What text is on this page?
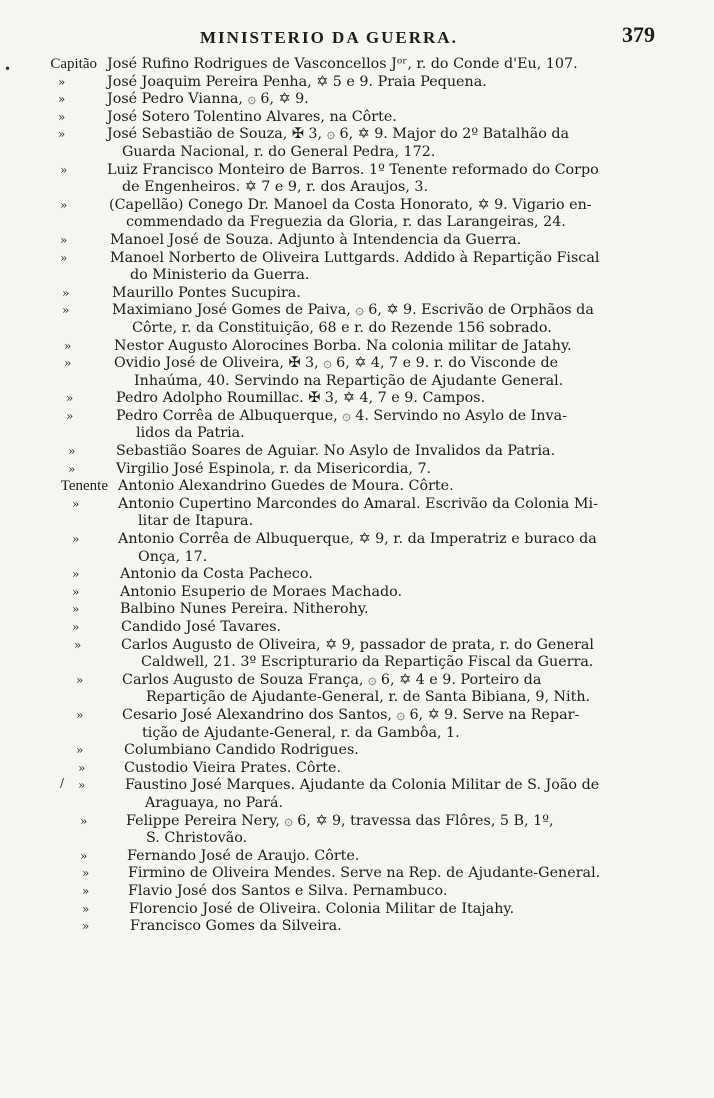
MINISTERIO DA GUERRA.	379
•
/
Capitão José Rufino Rodrigues de Vasconcellos Jᵒʳ, r. do Conde d'Eu, 107.
»	José Joaquim Pereira Penha, ✡ 5 e 9. Praia Pequena.
»	José Pedro Vianna, ۞ 6, ✡ 9.
»	José Sotero Tolentino Alvares, na Côrte.
»	José Sebastião de Souza, ✠ 3, ۞ 6, ✡ 9. Major do 2º Batalhão da
Guarda Nacional, r. do General Pedra, 172.
»	Luiz Francisco Monteiro de Barros. 1º Tenente reformado do Corpo
de Engenheiros. ✡ 7 e 9, r. dos Araujos, 3.
»	(Capellão) Conego Dr. Manoel da Costa Honorato, ✡ 9. Vigario en-
commendado da Freguezia da Gloria, r. das Larangeiras, 24.
»	Manoel José de Souza. Adjunto à Intendencia da Guerra.
»	Manoel Norberto de Oliveira Luttgards. Addido à Repartição Fiscal
do Ministerio da Guerra.
»	Maurillo Pontes Sucupira.
»	Maximiano José Gomes de Paiva, ۞ 6, ✡ 9. Escrivão de Orphãos da
Côrte, r. da Constituição, 68 e r. do Rezende 156 sobrado.
»	Nestor Augusto Alorocines Borba. Na colonia militar de Jatahy.
»	Ovidio José de Oliveira, ✠ 3, ۞ 6, ✡ 4, 7 e 9. r. do Visconde de
Inhaúma, 40. Servindo na Repartição de Ajudante General.
»	Pedro Adolpho Roumillac. ✠ 3, ✡ 4, 7 e 9. Campos.
»	Pedro Corrêa de Albuquerque, ۞ 4. Servindo no Asylo de Inva-
lidos da Patria.
»	Sebastião Soares de Aguiar. No Asylo de Invalidos da Patria.
»	Virgilio José Espinola, r. da Misericordia, 7.
Tenente Antonio Alexandrino Guedes de Moura. Côrte.
»	Antonio Cupertino Marcondes do Amaral. Escrivão da Colonia Mi-
litar de Itapura.
»	Antonio Corrêa de Albuquerque, ✡ 9, r. da Imperatriz e buraco da
Onça, 17.
»	Antonio da Costa Pacheco.
»	Antonio Esuperio de Moraes Machado.
»	Balbino Nunes Pereira. Nitherohy.
»	Candido José Tavares.
»	Carlos Augusto de Oliveira, ✡ 9, passador de prata, r. do General
Caldwell, 21. 3º Escripturario da Repartição Fiscal da Guerra.
»	Carlos Augusto de Souza França, ۞ 6, ✡ 4 e 9. Porteiro da
Repartição de Ajudante-General, r. de Santa Bibiana, 9, Nith.
»	Cesario José Alexandrino dos Santos, ۞ 6, ✡ 9. Serve na Repar-
tição de Ajudante-General, r. da Gambôa, 1.
»	Columbiano Candido Rodrigues.
»	Custodio Vieira Prates. Côrte.
»	Faustino José Marques. Ajudante da Colonia Militar de S. João de
Araguaya, no Pará.
»	Felippe Pereira Nery, ۞ 6, ✡ 9, travessa das Flôres, 5 B, 1º,
S. Christovão.
»	Fernando José de Araujo. Côrte.
»	Firmino de Oliveira Mendes. Serve na Rep. de Ajudante-General.
»	Flavio José dos Santos e Silva. Pernambuco.
»	Florencio José de Oliveira. Colonia Militar de Itajahy.
»	Francisco Gomes da Silveira.
